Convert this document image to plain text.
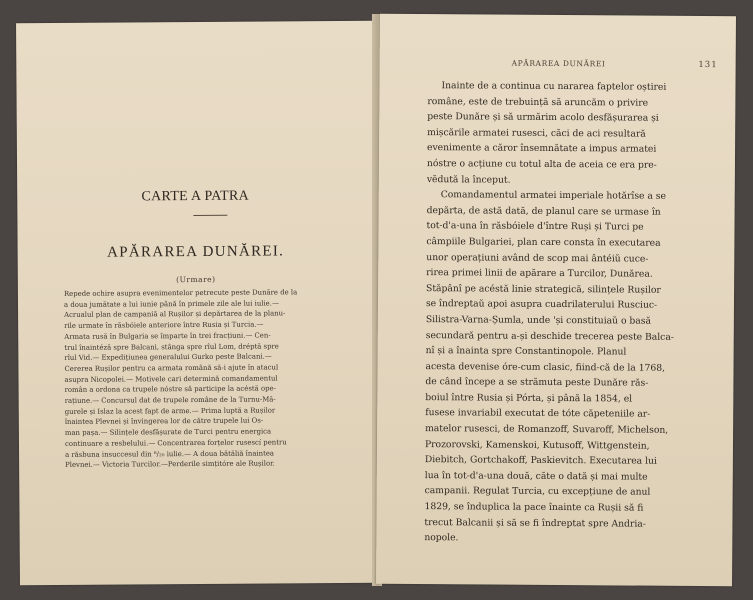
CARTE A PATRA
APĂRAREA DUNĂREI.
(Urmare)
Repede ochire asupra evenimentelor petrecute peste Dunăre de la
a doua jumătate a lui iunie până în primele zile ale lui iulie.—
Acrualul plan de campaniă al Rușilor și depărtarea de la planu-
rile urmate în răsbóiele anteriore între Rusia și Turcia.—
Armata rusă în Bulgaria se împarte în trei fracțiuni.— Cen-
trul înaintéză spre Balcani, stânga spre rîul Lom, dréptă spre
rîul Vid.— Expedițiunea generalului Gurko peste Balcani.—
Cererea Rușilor pentru ca armata română să-i ajute în atacul
asupra Nicopolei.— Motivele cari determină comandamentul
român a ordona ca trupele nóstre să participe la acéstă ope-
rațiune.— Concursul dat de trupele române de la Turnu-Mă-
gurele și Islaz la acest fapt de arme.— Prima luptă a Rușilor
înaintea Plevnei și învingerea lor de către trupele lui Os-
man pașa.— Silințele desfășurate de Turci pentru energica
continuare a resbelului.— Concentrarea forțelor rusescí pentru
a răsbuna insuccesul din ⁸/₂₀ iulie.— A doua bătăliă înaintea
Plevnei.— Victoria Turcilor.—Perderile simțitóre ale Rușilor.
APĂRAREA DUNĂREI	131
Inainte de a continua cu nararea faptelor oștirei
române, este de trebuință să aruncăm o privire
peste Dunăre și să urmărim acolo desfășurarea și
mișcările armatei rusesci, căci de aci resultară
evenimente a căror însemnătate a impus armatei
nóstre o acțiune cu totul alta de aceia ce era pre-
vĕdută la început.
Comandamentul armatei imperiale hotărîse a se
depărta, de astă dată, de planul care se urmase în
tot-d'a-una în răsbóiele d'între Ruși și Turci pe
câmpiile Bulgariei, plan care consta în executarea
unor operațiuni având de scop mai ântéiŭ cuce-
rirea primei linii de apărare a Turcilor, Dunărea.
Stăpânî pe acéstă linie strategică, silințele Rușilor
se îndreptaŭ apoi asupra cuadrilaterului Rusciuc-
Silistra-Varna-Șumla, unde 'și constituiaŭ o basă
secundară pentru a-și deschide trecerea peste Balca-
nî și a înainta spre Constantinopole. Planul
acesta devenise óre-cum clasic, fiind-că de la 1768,
de când începe a se strămuta peste Dunăre răs-
boiul între Rusia și Pórta, și până la 1854, el
fusese invariabil executat de tóte căpeteniile ar-
matelor rusesci, de Romanzoff, Suvaroff, Michelson,
Prozorovski, Kamenskoi, Kutusoff, Wittgenstein,
Diebitch, Gortchakoff, Paskievitch. Executarea lui
lua în tot-d'a-una două, căte o dată și mai multe
campanii. Regulat Turcia, cu excepțiune de anul
1829, se înduplica la pace înainte ca Rușii să fi
trecut Balcanii și să se fi îndreptat spre Andria-
nopole.
